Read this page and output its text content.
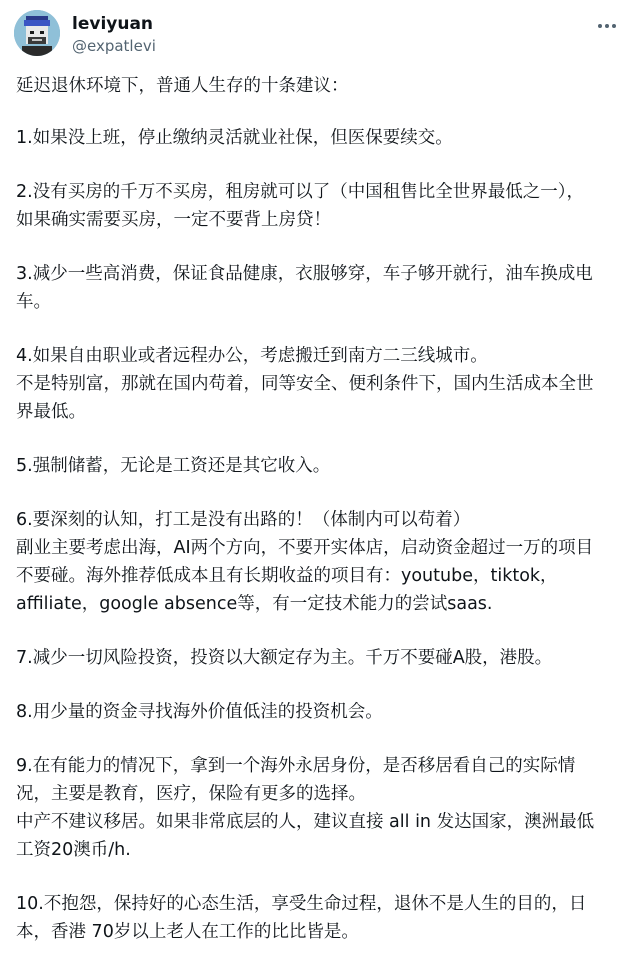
leviyuan
@expatlevi

延迟退休环境下，普通人生存的十条建议：

1.如果没上班，停止缴纳灵活就业社保，但医保要续交。

2.没有买房的千万不买房，租房就可以了（中国租售比全世界最低之一），
如果确实需要买房，一定不要背上房贷！

3.减少一些高消费，保证食品健康，衣服够穿，车子够开就行，油车换成电
车。

4.如果自由职业或者远程办公，考虑搬迁到南方二三线城市。
不是特别富，那就在国内苟着，同等安全、便利条件下，国内生活成本全世
界最低。

5.强制储蓄，无论是工资还是其它收入。

6.要深刻的认知，打工是没有出路的！（体制内可以苟着）
副业主要考虑出海，AI两个方向，不要开实体店，启动资金超过一万的项目
不要碰。海外推荐低成本且有长期收益的项目有：youtube，tiktok，
affiliate，google absence等，有一定技术能力的尝试saas.

7.减少一切风险投资，投资以大额定存为主。千万不要碰A股，港股。

8.用少量的资金寻找海外价值低洼的投资机会。

9.在有能力的情况下，拿到一个海外永居身份，是否移居看自己的实际情
况，主要是教育，医疗，保险有更多的选择。
中产不建议移居。如果非常底层的人，建议直接 all in 发达国家，澳洲最低
工资20澳币/h.

10.不抱怨，保持好的心态生活，享受生命过程，退休不是人生的目的，日
本，香港 70岁以上老人在工作的比比皆是。
